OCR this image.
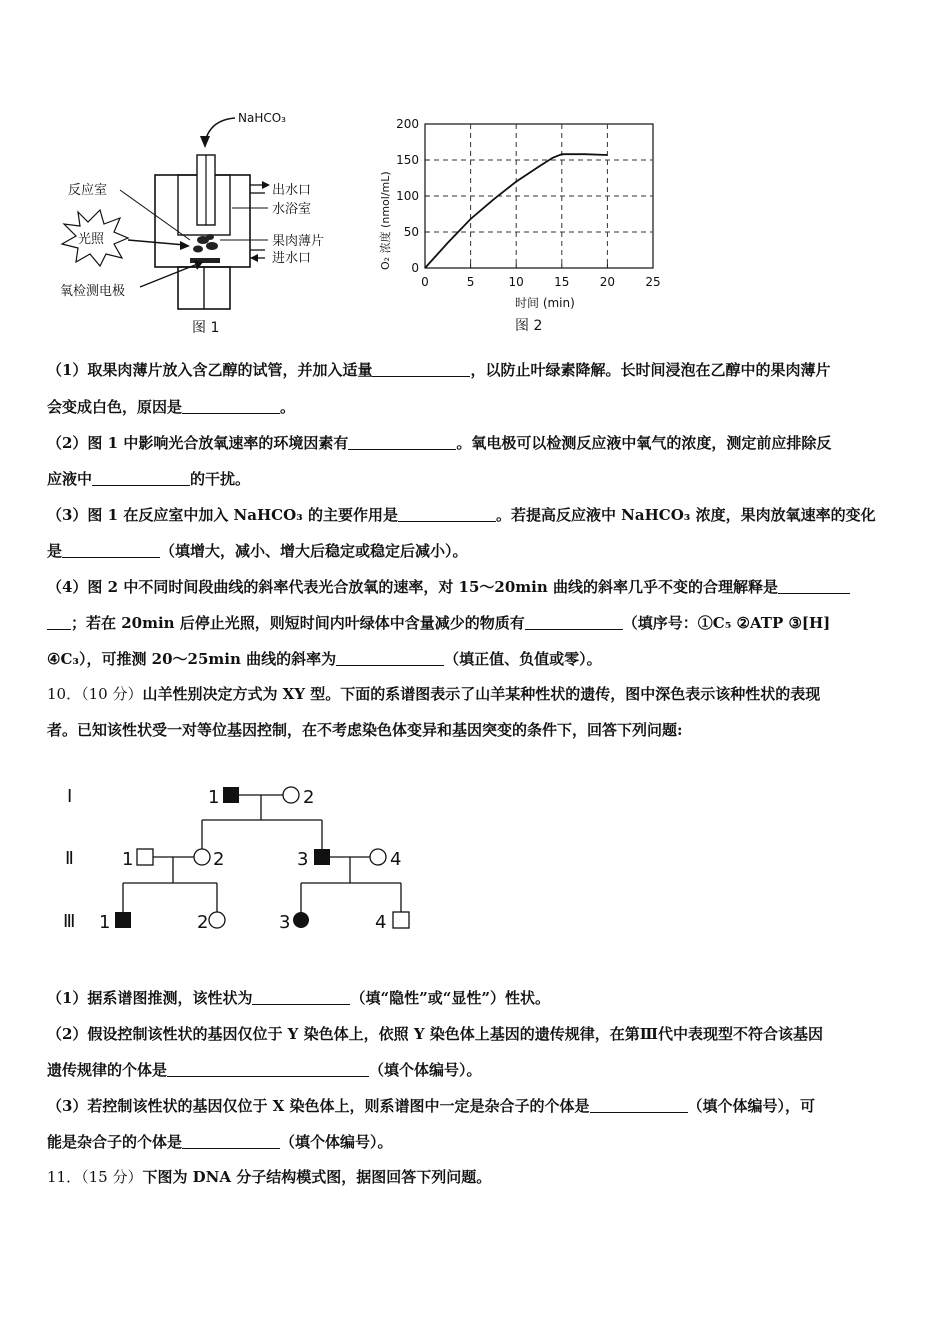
NaHCO₃
出水口
水浴室
果肉薄片
进水口
反应室
光照
氧检测电极
图 1
0
50
100
150
200
0	5	10	15	20	25
O₂ 浓度 (nmol/mL)
时间 (min)
图 2
（1）取果肉薄片放入含乙醇的试管，并加入适量	，以防止叶绿素降解。长时间浸泡在乙醇中的果肉薄片
会变成白色，原因是	。
（2）图 1 中影响光合放氧速率的环境因素有	。氧电极可以检测反应液中氧气的浓度，测定前应排除反
应液中	的干扰。
（3）图 1 在反应室中加入 NaHCO₃ 的主要作用是	。若提高反应液中 NaHCO₃ 浓度，果肉放氧速率的变化
是	（填增大，减小、增大后稳定或稳定后减小）。
（4）图 2 中不同时间段曲线的斜率代表光合放氧的速率，对 15～20min 曲线的斜率几乎不变的合理解释是
；若在 20min 后停止光照，则短时间内叶绿体中含量减少的物质有	（填序号：①C₅ ②ATP ③[H]
④C₃），可推测 20～25min 曲线的斜率为	（填正值、负值或零）。
10．（10 分）山羊性别决定方式为 XY 型。下面的系谱图表示了山羊某种性状的遗传，图中深色表示该种性状的表现
者。已知该性状受一对等位基因控制，在不考虑染色体变异和基因突变的条件下，回答下列问题:
Ⅰ
Ⅱ
Ⅲ
1	2
1	2	3	4
1	2	3	4
（1）据系谱图推测，该性状为	（填“隐性”或“显性”）性状。
（2）假设控制该性状的基因仅位于 Y 染色体上，依照 Y 染色体上基因的遗传规律，在第Ⅲ代中表现型不符合该基因
遗传规律的个体是	（填个体编号）。
（3）若控制该性状的基因仅位于 X 染色体上，则系谱图中一定是杂合子的个体是	（填个体编号），可
能是杂合子的个体是	（填个体编号）。
11．（15 分）下图为 DNA 分子结构模式图，据图回答下列问题。
